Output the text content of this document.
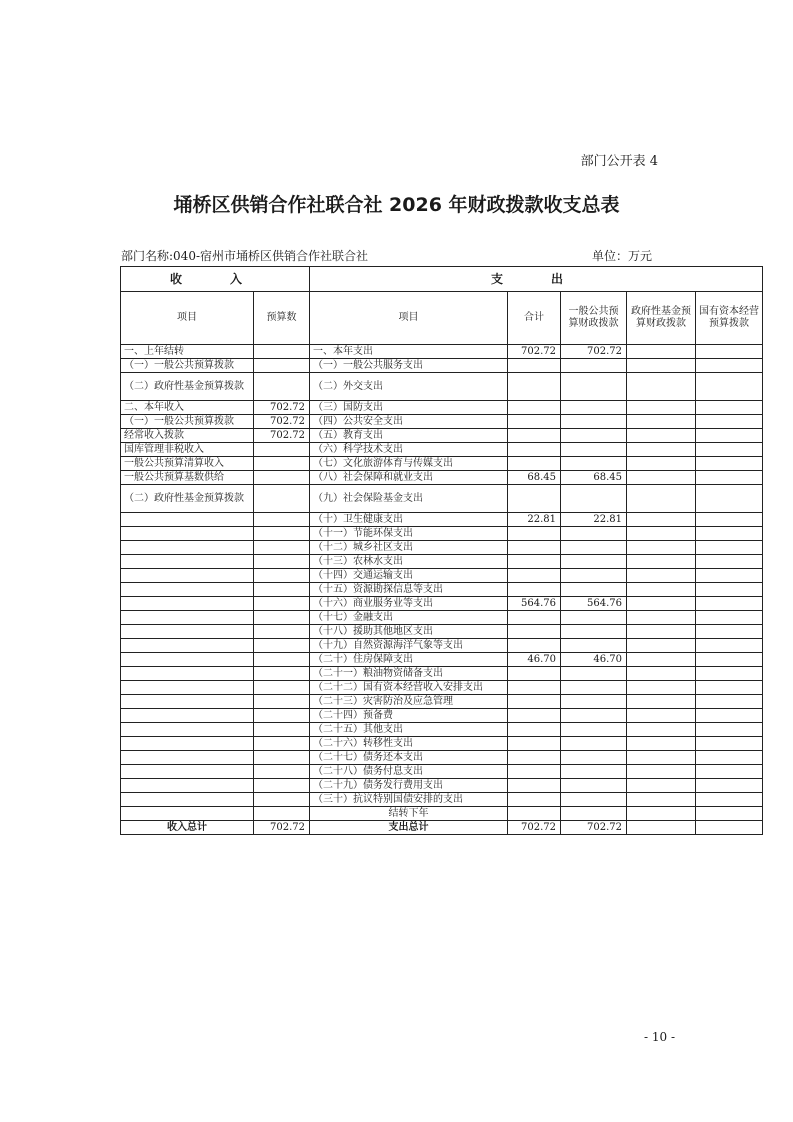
部门公开表 4
埇桥区供销合作社联合社 2026 年财政拨款收支总表
部门名称:040-宿州市埇桥区供销合作社联合社	单位：万元
收　入		支　出				
项目	预算数	项目	合计	一般公共预算财政拨款	政府性基金预算财政拨款	国有资本经营预算拨款
一、上年结转		一、本年支出	702.72	702.72		
（一）一般公共预算拨款		（一）一般公共服务支出				
（二）政府性基金预算拨款		（二）外交支出				
二、本年收入	702.72	（三）国防支出				
（一）一般公共预算拨款	702.72	（四）公共安全支出				
经常收入拨款	702.72	（五）教育支出				
国库管理非税收入		（六）科学技术支出				
一般公共预算清算收入		（七）文化旅游体育与传媒支出				
一般公共预算基数供给		（八）社会保障和就业支出	68.45	68.45		
（二）政府性基金预算拨款		（九）社会保险基金支出				
		（十）卫生健康支出	22.81	22.81		
		（十一）节能环保支出				
		（十二）城乡社区支出				
		（十三）农林水支出				
		（十四）交通运输支出				
		（十五）资源勘探信息等支出				
		（十六）商业服务业等支出	564.76	564.76		
		（十七）金融支出				
		（十八）援助其他地区支出				
		（十九）自然资源海洋气象等支出				
		（二十）住房保障支出	46.70	46.70		
		（二十一）粮油物资储备支出				
		（二十二）国有资本经营收入安排支出				
		（二十三）灾害防治及应急管理				
		（二十四）预备费				
		（二十五）其他支出				
		（二十六）转移性支出				
		（二十七）债务还本支出				
		（二十八）债务付息支出				
		（二十九）债务发行费用支出				
		（三十）抗议特别国债安排的支出				
		结转下年				
收入总计	702.72	支出总计	702.72	702.72		
- 10 -
